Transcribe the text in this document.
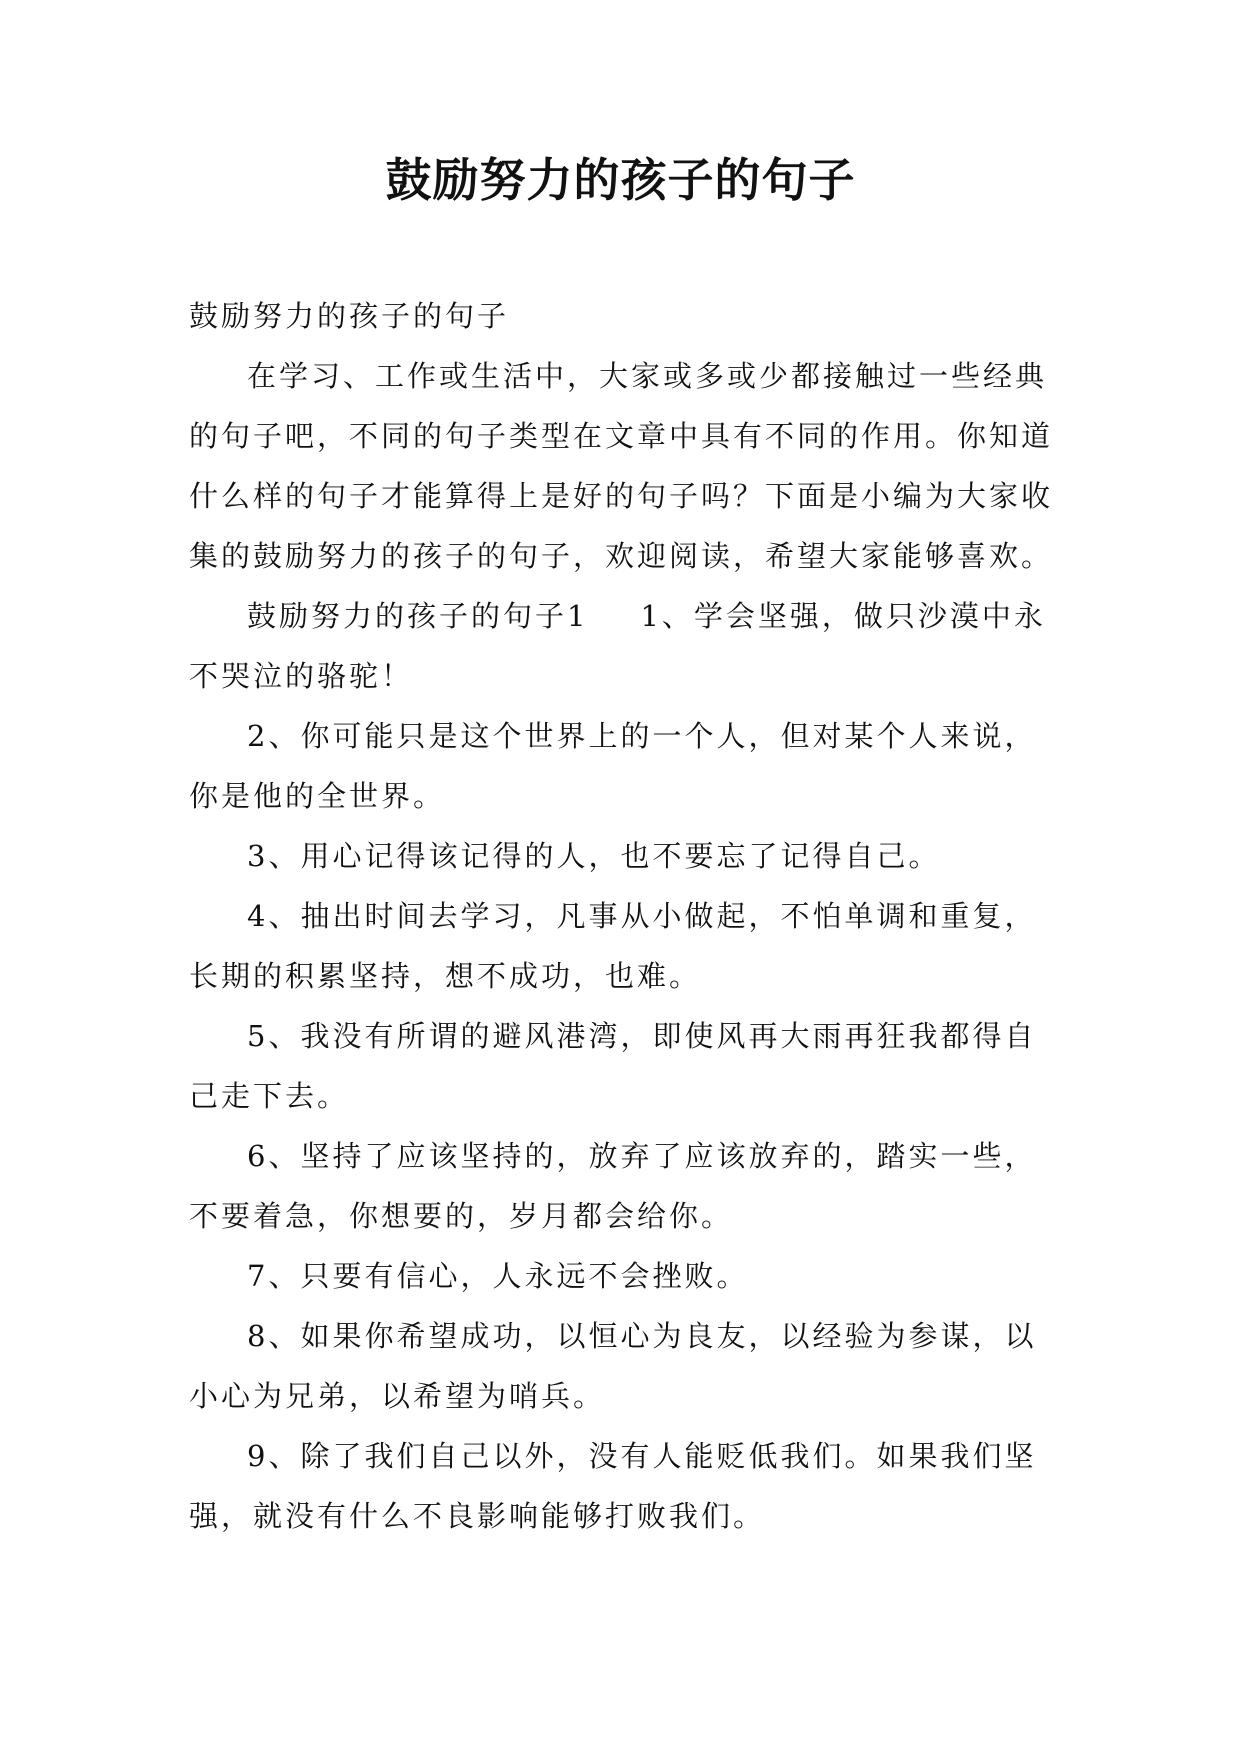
鼓励努力的孩子的句子

鼓励努力的孩子的句子

在学习、工作或生活中，大家或多或少都接触过一些经典的句子吧，不同的句子类型在文章中具有不同的作用。你知道什么样的句子才能算得上是好的句子吗？下面是小编为大家收集的鼓励努力的孩子的句子，欢迎阅读，希望大家能够喜欢。

鼓励努力的孩子的句子1 1、学会坚强，做只沙漠中永不哭泣的骆驼！

2、你可能只是这个世界上的一个人，但对某个人来说，你是他的全世界。

3、用心记得该记得的人，也不要忘了记得自己。

4、抽出时间去学习，凡事从小做起，不怕单调和重复，长期的积累坚持，想不成功，也难。

5、我没有所谓的避风港湾，即使风再大雨再狂我都得自己走下去。

6、坚持了应该坚持的，放弃了应该放弃的，踏实一些，不要着急，你想要的，岁月都会给你。

7、只要有信心，人永远不会挫败。

8、如果你希望成功，以恒心为良友，以经验为参谋，以小心为兄弟，以希望为哨兵。

9、除了我们自己以外，没有人能贬低我们。如果我们坚强，就没有什么不良影响能够打败我们。
